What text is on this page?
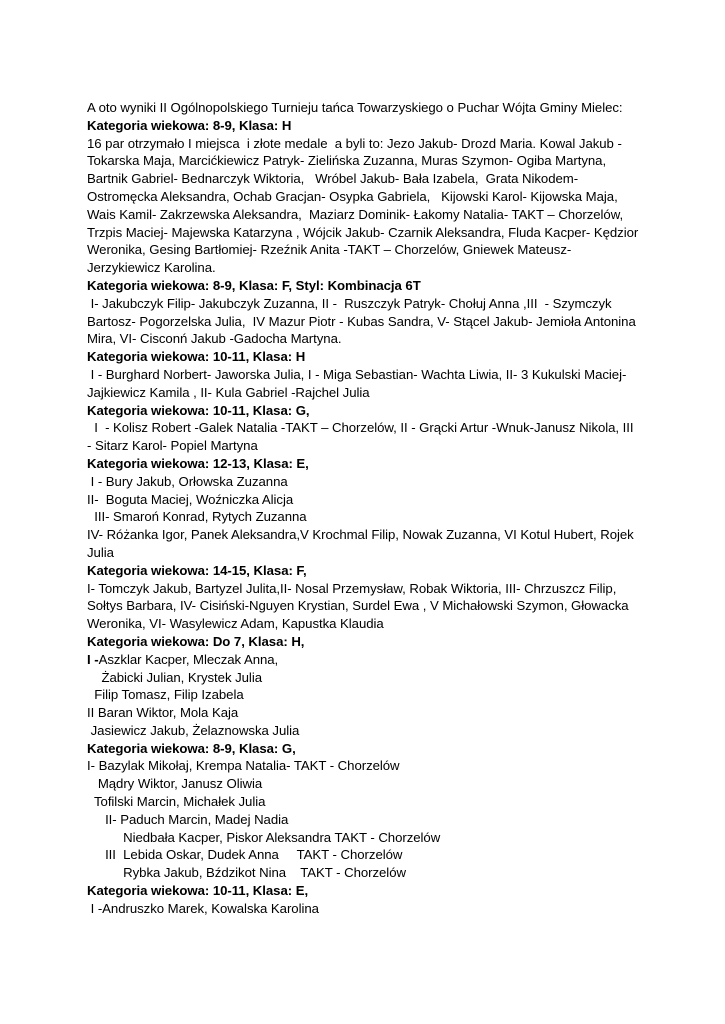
A oto wyniki II Ogólnopolskiego Turnieju tańca Towarzyskiego o Puchar Wójta Gminy Mielec:
Kategoria wiekowa: 8-9, Klasa: H
16 par otrzymało I miejsca  i złote medale  a byli to: Jezo Jakub- Drozd Maria. Kowal Jakub -
Tokarska Maja, Marcićkiewicz Patryk- Zielińska Zuzanna, Muras Szymon- Ogiba Martyna,
Bartnik Gabriel- Bednarczyk Wiktoria,   Wróbel Jakub- Bała Izabela,  Grata Nikodem-
Ostromęcka Aleksandra, Ochab Gracjan- Osypka Gabriela,   Kijowski Karol- Kijowska Maja,
Wais Kamil- Zakrzewska Aleksandra,  Maziarz Dominik- Łakomy Natalia- TAKT – Chorzelów,
Trzpis Maciej- Majewska Katarzyna , Wójcik Jakub- Czarnik Aleksandra, Fluda Kacper- Kędzior
Weronika, Gesing Bartłomiej- Rzeźnik Anita -TAKT – Chorzelów, Gniewek Mateusz-
Jerzykiewicz Karolina.
Kategoria wiekowa: 8-9, Klasa: F, Styl: Kombinacja 6T
I- Jakubczyk Filip- Jakubczyk Zuzanna, II -  Ruszczyk Patryk- Chołuj Anna ,III  - Szymczyk
Bartosz- Pogorzelska Julia,  IV Mazur Piotr - Kubas Sandra, V- Stącel Jakub- Jemioła Antonina
Mira, VI- Cisconń Jakub -Gadocha Martyna.
Kategoria wiekowa: 10-11, Klasa: H
I - Burghard Norbert- Jaworska Julia, I - Miga Sebastian- Wachta Liwia, II- 3 Kukulski Maciej-
Jajkiewicz Kamila , II- Kula Gabriel -Rajchel Julia
Kategoria wiekowa: 10-11, Klasa: G,
I  - Kolisz Robert -Galek Natalia -TAKT – Chorzelów, II - Grącki Artur -Wnuk-Janusz Nikola, III
- Sitarz Karol- Popiel Martyna
Kategoria wiekowa: 12-13, Klasa: E,
I - Bury Jakub, Orłowska Zuzanna
II-  Boguta Maciej, Woźniczka Alicja
III- Smaroń Konrad, Rytych Zuzanna
IV- Różanka Igor, Panek Aleksandra,V Krochmal Filip, Nowak Zuzanna, VI Kotul Hubert, Rojek
Julia
Kategoria wiekowa: 14-15, Klasa: F,
I- Tomczyk Jakub, Bartyzel Julita,II- Nosal Przemysław, Robak Wiktoria, III- Chrzuszcz Filip,
Sołtys Barbara, IV- Cisiński-Nguyen Krystian, Surdel Ewa , V Michałowski Szymon, Głowacka
Weronika, VI- Wasylewicz Adam, Kapustka Klaudia
Kategoria wiekowa: Do 7, Klasa: H,
I -Aszklar Kacper, Mleczak Anna,
Żabicki Julian, Krystek Julia
Filip Tomasz, Filip Izabela
II Baran Wiktor, Mola Kaja
Jasiewicz Jakub, Żelaznowska Julia
Kategoria wiekowa: 8-9, Klasa: G,
I- Bazylak Mikołaj, Krempa Natalia- TAKT - Chorzelów
Mądry Wiktor, Janusz Oliwia
Tofilski Marcin, Michałek Julia
II- Paduch Marcin, Madej Nadia
Niedbała Kacper, Piskor Aleksandra TAKT - Chorzelów
III  Lebida Oskar, Dudek Anna     TAKT - Chorzelów
Rybka Jakub, Bździkot Nina    TAKT - Chorzelów
Kategoria wiekowa: 10-11, Klasa: E,
I -Andruszko Marek, Kowalska Karolina
